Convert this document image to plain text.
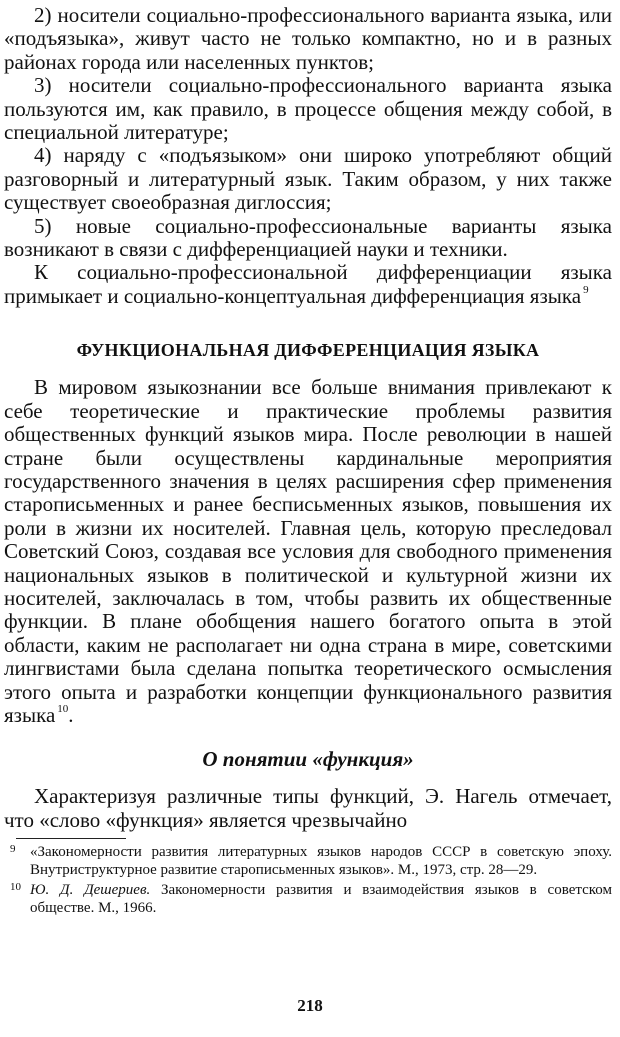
2) носители социально-профессионального варианта языка, или «подъязыка», живут часто не только компактно, но и в разных районах города или населенных пунктов;

3) носители социально-профессионального варианта языка пользуются им, как правило, в процессе общения между собой, в специальной литературе;

4) наряду с «подъязыком» они широко употребляют общий разговорный и литературный язык. Таким образом, у них также существует своеобразная диглоссия;

5) новые социально-профессиональные варианты языка возникают в связи с дифференциацией науки и техники.

К социально-профессиональной дифференциации языка примыкает и социально-концептуальная дифференциация языка $^9$

ФУНКЦИОНАЛЬНАЯ ДИФФЕРЕНЦИАЦИЯ ЯЗЫКА

В мировом языкознании все больше внимания привлекают к себе теоретические и практические проблемы развития общественных функций языков мира. После революции в нашей стране были осуществлены кардинальные мероприятия государственного значения в целях расширения сфер применения старописьменных и ранее бесписьменных языков, повышения их роли в жизни их носителей. Главная цель, которую преследовал Советский Союз, создавая все условия для свободного применения национальных языков в политической и культурной жизни их носителей, заключалась в том, чтобы развить их общественные функции. В плане обобщения нашего богатого опыта в этой области, каким не располагает ни одна страна в мире, советскими лингвистами была сделана попытка теоретического осмысления этого опыта и разработки концепции функционального развития языка $^{10}$.

О понятии «функция»

Характеризуя различные типы функций, Э. Нагель отмечает, что «слово «функция» является чрезвычайно

9 «Закономерности развития литературных языков народов СССР в советскую эпоху. Внутриструктурное развитие старописьменных языков». М., 1973, стр. 28—29.

10 Ю. Д. Дешериев. Закономерности развития и взаимодействия языков в советском обществе. М., 1966.

218
